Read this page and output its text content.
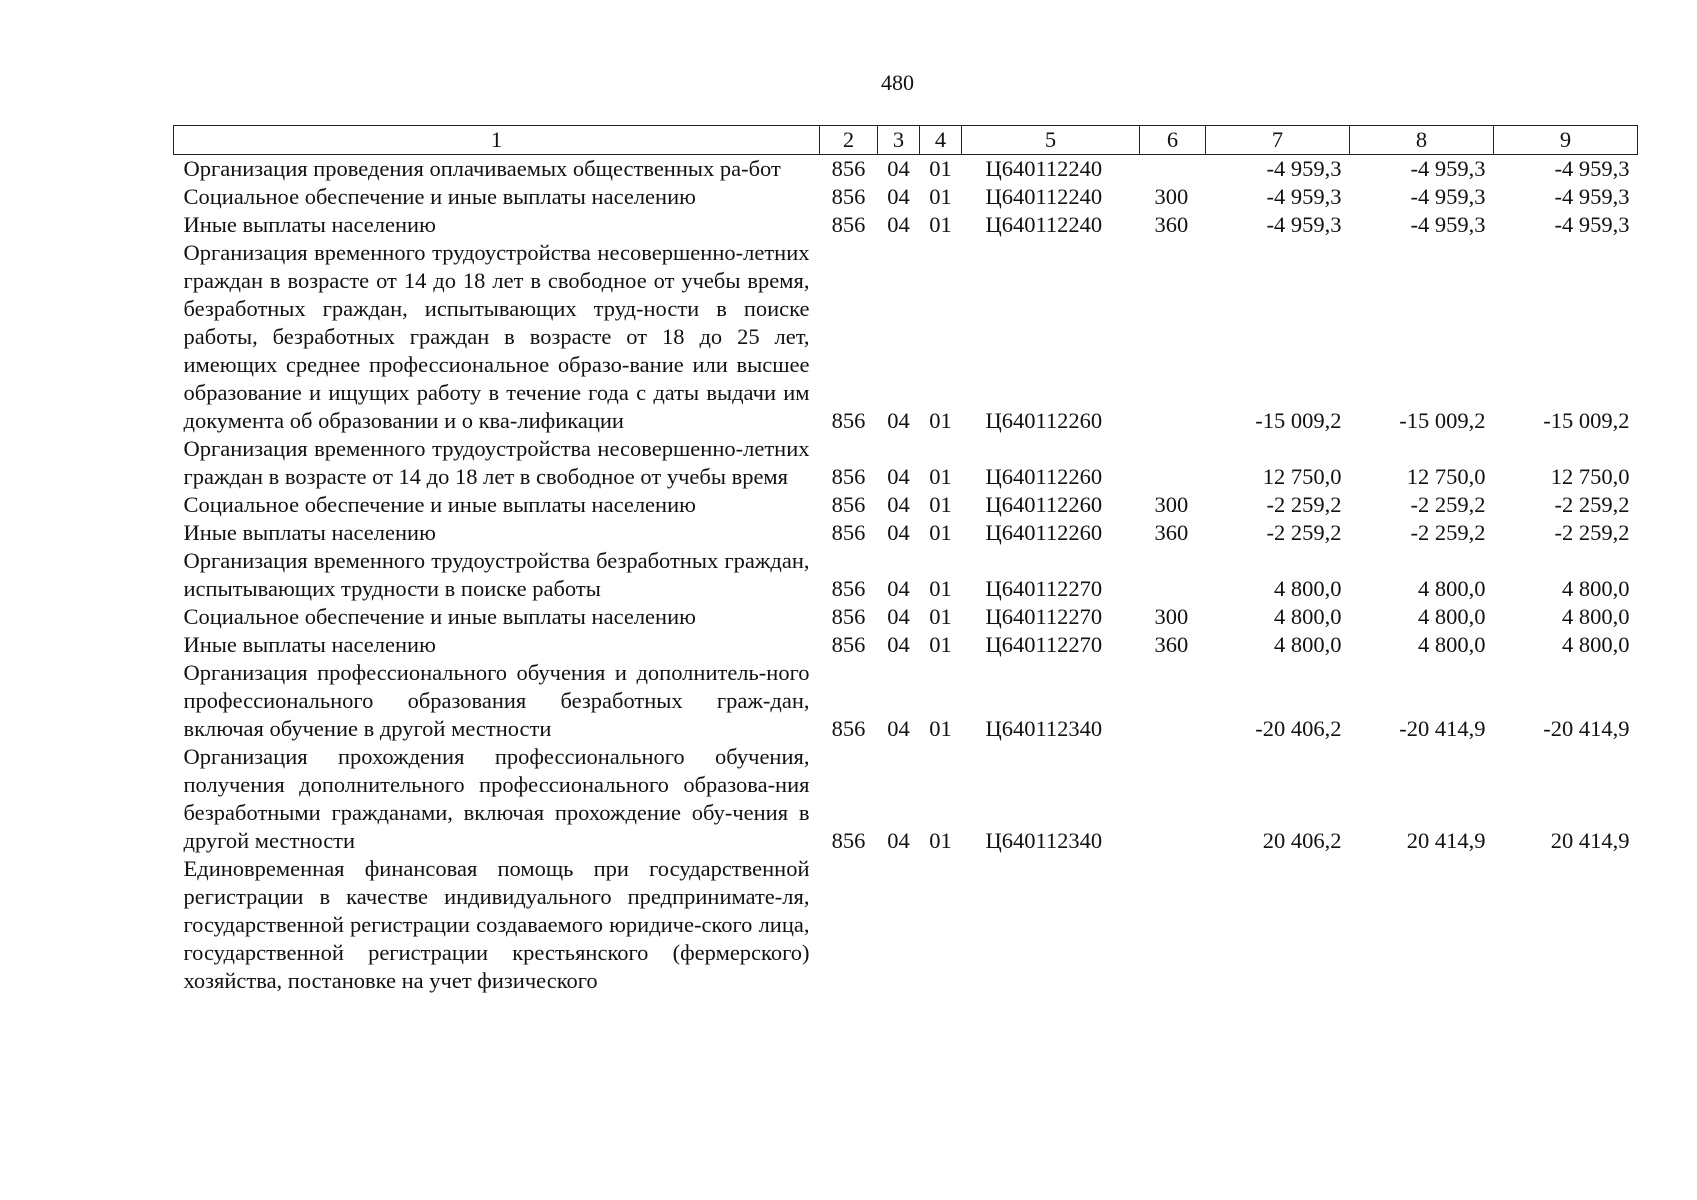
480
1	2	3	4	5	6	7	8	9
Организация проведения оплачиваемых общественных ра-бот	856	04	01	Ц640112240		-4 959,3	-4 959,3	-4 959,3
Социальное обеспечение и иные выплаты населению	856	04	01	Ц640112240	300	-4 959,3	-4 959,3	-4 959,3
Иные выплаты населению	856	04	01	Ц640112240	360	-4 959,3	-4 959,3	-4 959,3
Организация временного трудоустройства несовершенно-летних граждан в возрасте от 14 до 18 лет в свободное от учебы время, безработных граждан, испытывающих труд-ности в поиске работы, безработных граждан в возрасте от 18 до 25 лет, имеющих среднее профессиональное образо-вание или высшее образование и ищущих работу в течение года с даты выдачи им документа об образовании и о ква-лификации	856	04	01	Ц640112260		-15 009,2	-15 009,2	-15 009,2
Организация временного трудоустройства несовершенно-летних граждан в возрасте от 14 до 18 лет в свободное от учебы время	856	04	01	Ц640112260		12 750,0	12 750,0	12 750,0
Социальное обеспечение и иные выплаты населению	856	04	01	Ц640112260	300	-2 259,2	-2 259,2	-2 259,2
Иные выплаты населению	856	04	01	Ц640112260	360	-2 259,2	-2 259,2	-2 259,2
Организация временного трудоустройства безработных граждан, испытывающих трудности в поиске работы	856	04	01	Ц640112270		4 800,0	4 800,0	4 800,0
Социальное обеспечение и иные выплаты населению	856	04	01	Ц640112270	300	4 800,0	4 800,0	4 800,0
Иные выплаты населению	856	04	01	Ц640112270	360	4 800,0	4 800,0	4 800,0
Организация профессионального обучения и дополнитель-ного профессионального образования безработных граж-дан, включая обучение в другой местности	856	04	01	Ц640112340		-20 406,2	-20 414,9	-20 414,9
Организация прохождения профессионального обучения, получения дополнительного профессионального образова-ния безработными гражданами, включая прохождение обу-чения в другой местности	856	04	01	Ц640112340		20 406,2	20 414,9	20 414,9
Единовременная финансовая помощь при государственной регистрации в качестве индивидуального предпринимате-ля, государственной регистрации создаваемого юридиче-ского лица, государственной регистрации крестьянского (фермерского) хозяйства, постановке на учет физического								
